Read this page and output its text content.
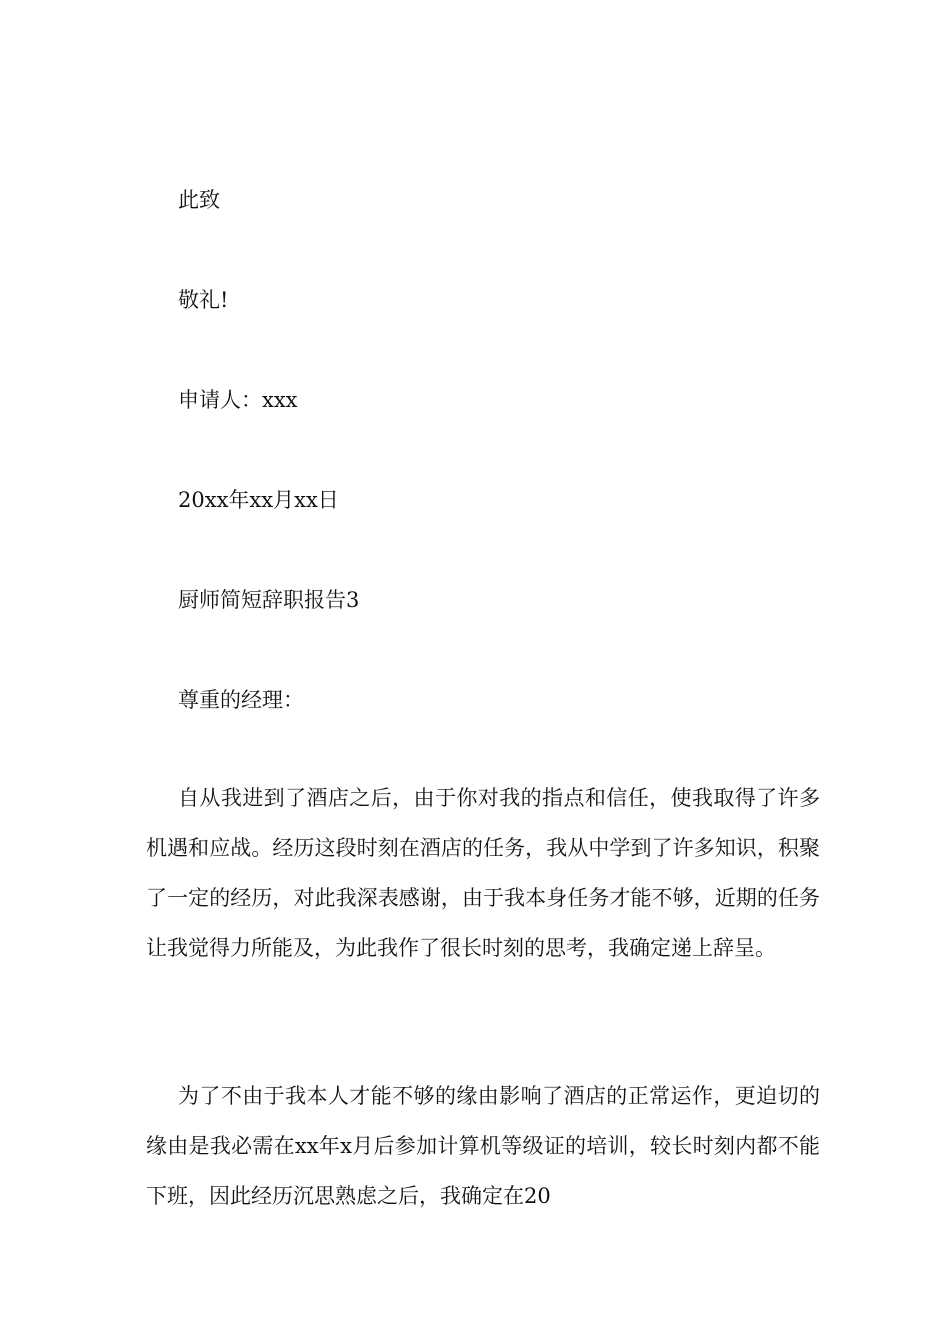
此致
敬礼!
申请人：xxx
20xx年xx月xx日
厨师简短辞职报告3
尊重的经理：

自从我进到了酒店之后，由于你对我的指点和信任，使我取得了许多机遇和应战。经历这段时刻在酒店的任务，我从中学到了许多知识，积聚了一定的经历，对此我深表感谢，由于我本身任务才能不够，近期的任务让我觉得力所能及，为此我作了很长时刻的思考，我确定递上辞呈。

为了不由于我本人才能不够的缘由影响了酒店的正常运作，更迫切的缘由是我必需在xx年x月后参加计算机等级证的培训，较长时刻内都不能下班，因此经历沉思熟虑之后，我确定在20
